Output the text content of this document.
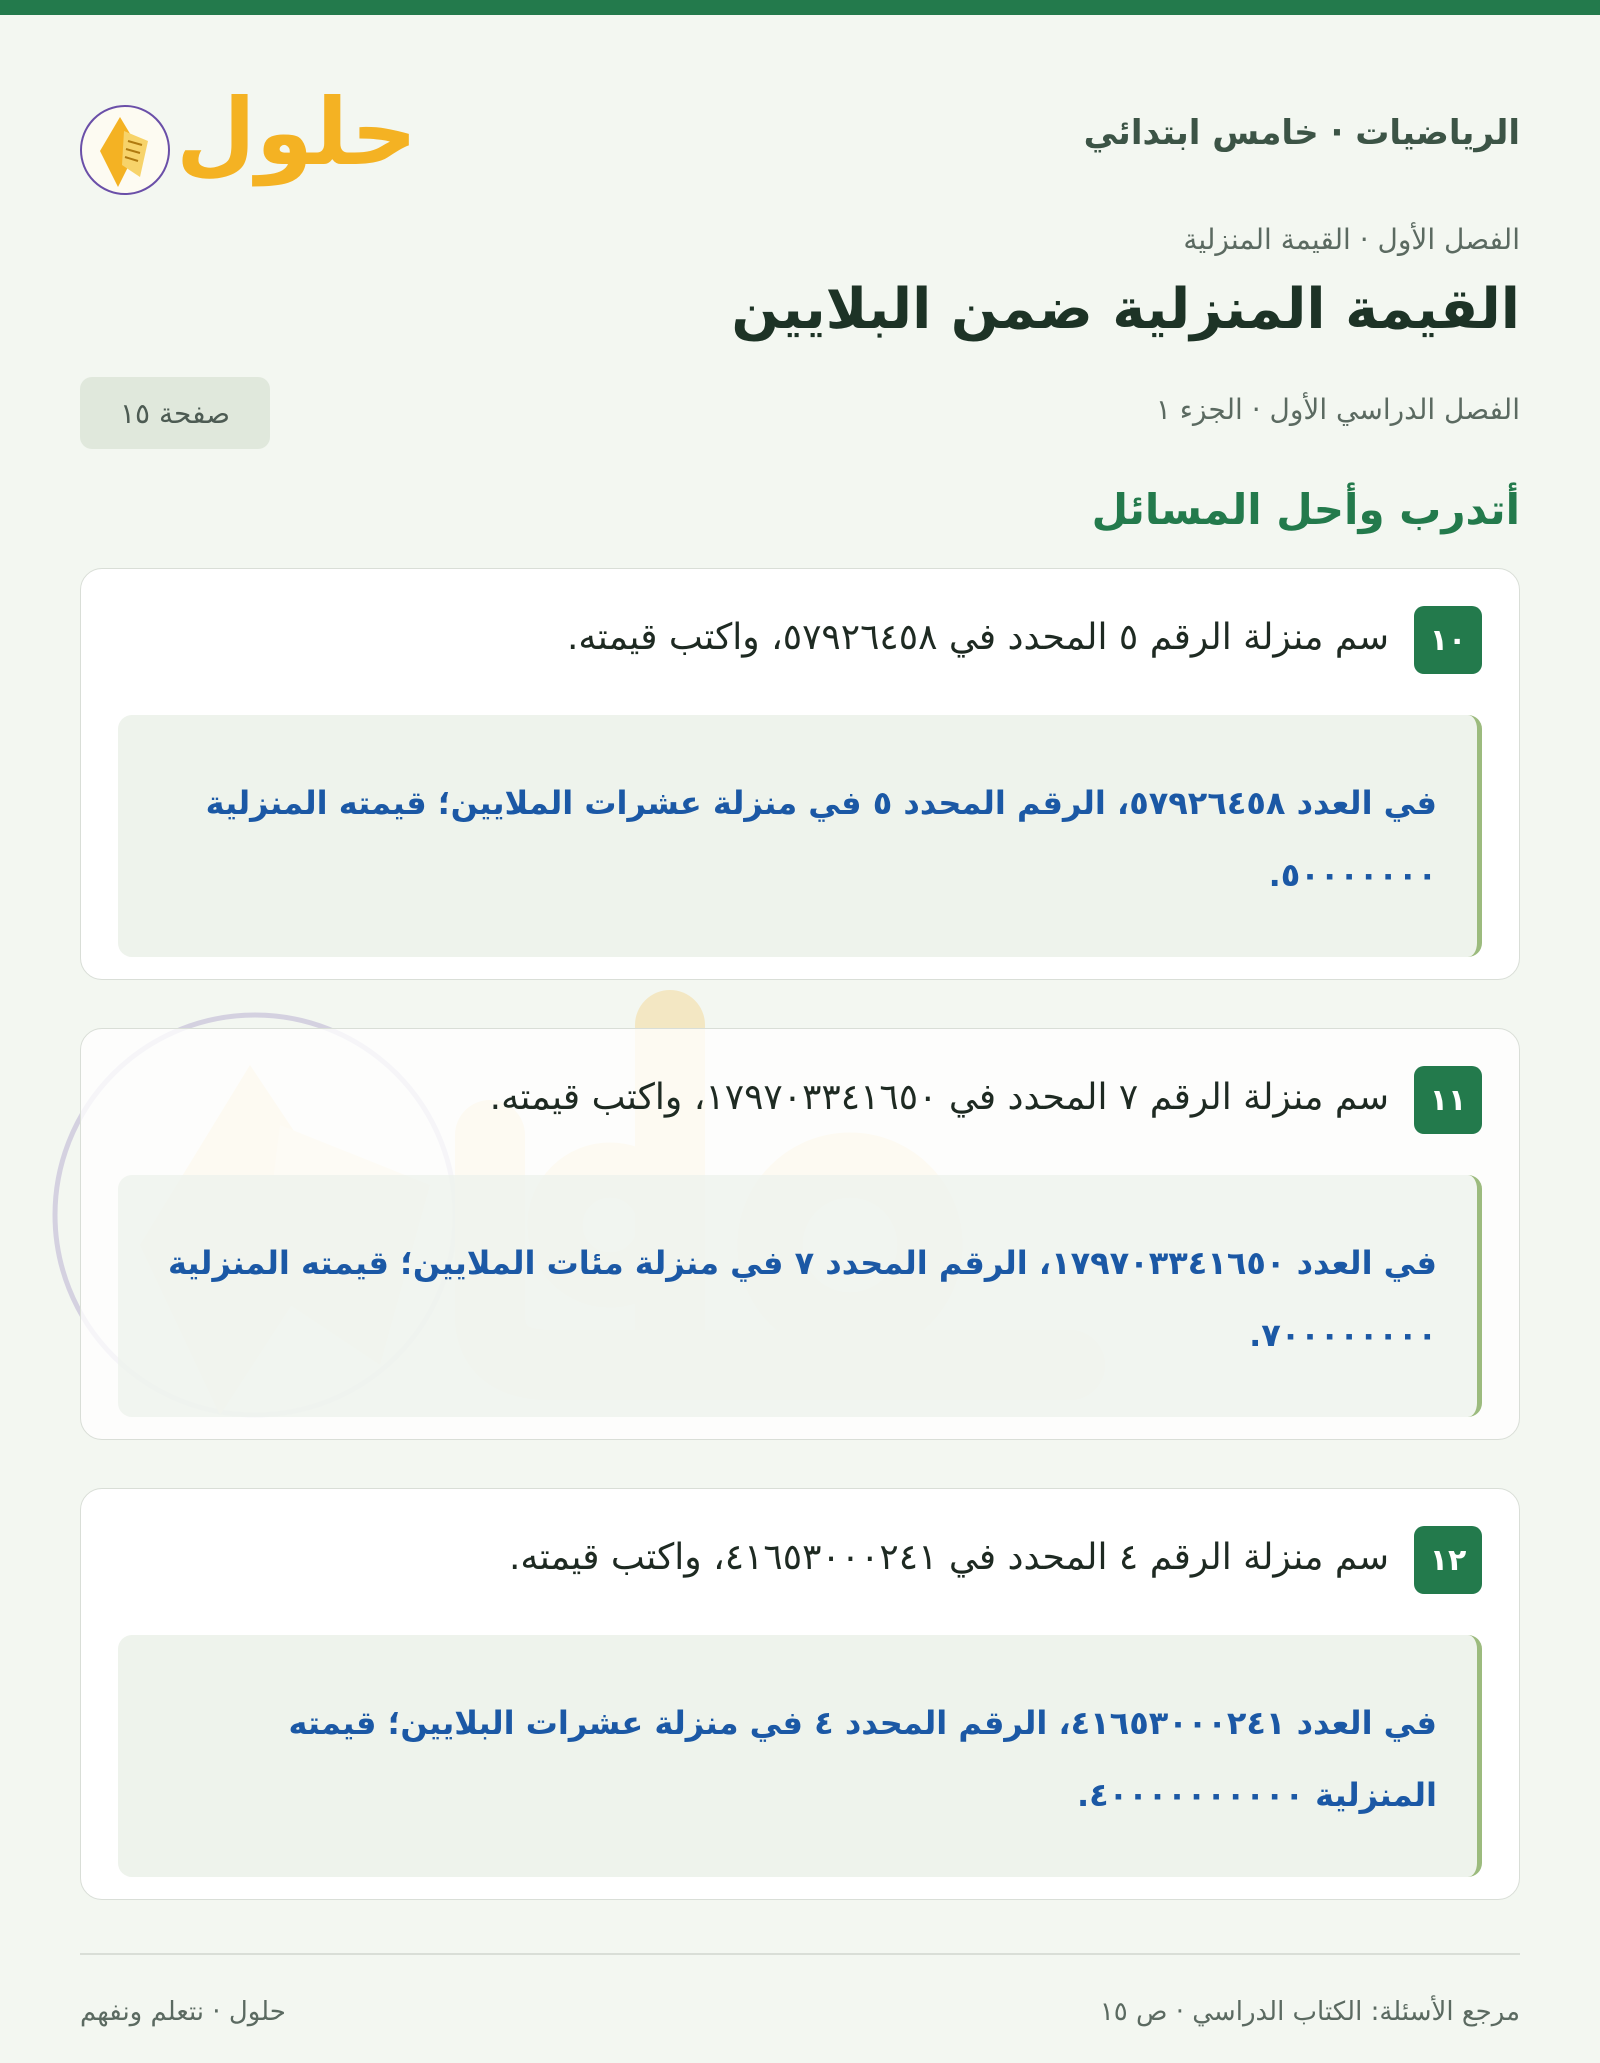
الرياضيات · خامس ابتدائي
حلول
الفصل الأول · القيمة المنزلية
القيمة المنزلية ضمن البلايين
الفصل الدراسي الأول · الجزء ١
صفحة ١٥
أتدرب وأحل المسائل
١٠
سم منزلة الرقم ٥ المحدد في ٥٧٩٢٦٤٥٨، واكتب قيمته.
في العدد ٥٧٩٢٦٤٥٨، الرقم المحدد ٥ في منزلة عشرات الملايين؛ قيمته المنزلية ٥٠٠٠٠٠٠٠.
١١
سم منزلة الرقم ٧ المحدد في ١٧٩٧٠٣٣٤١٦٥٠، واكتب قيمته.
في العدد ١٧٩٧٠٣٣٤١٦٥٠، الرقم المحدد ٧ في منزلة مئات الملايين؛ قيمته المنزلية ٧٠٠٠٠٠٠٠٠.
١٢
سم منزلة الرقم ٤ المحدد في ٤١٦٥٣٠٠٠٢٤١، واكتب قيمته.
في العدد ٤١٦٥٣٠٠٠٢٤١، الرقم المحدد ٤ في منزلة عشرات البلايين؛ قيمته المنزلية ٤٠٠٠٠٠٠٠٠٠٠.
مرجع الأسئلة: الكتاب الدراسي · ص ١٥
حلول · نتعلم ونفهم
